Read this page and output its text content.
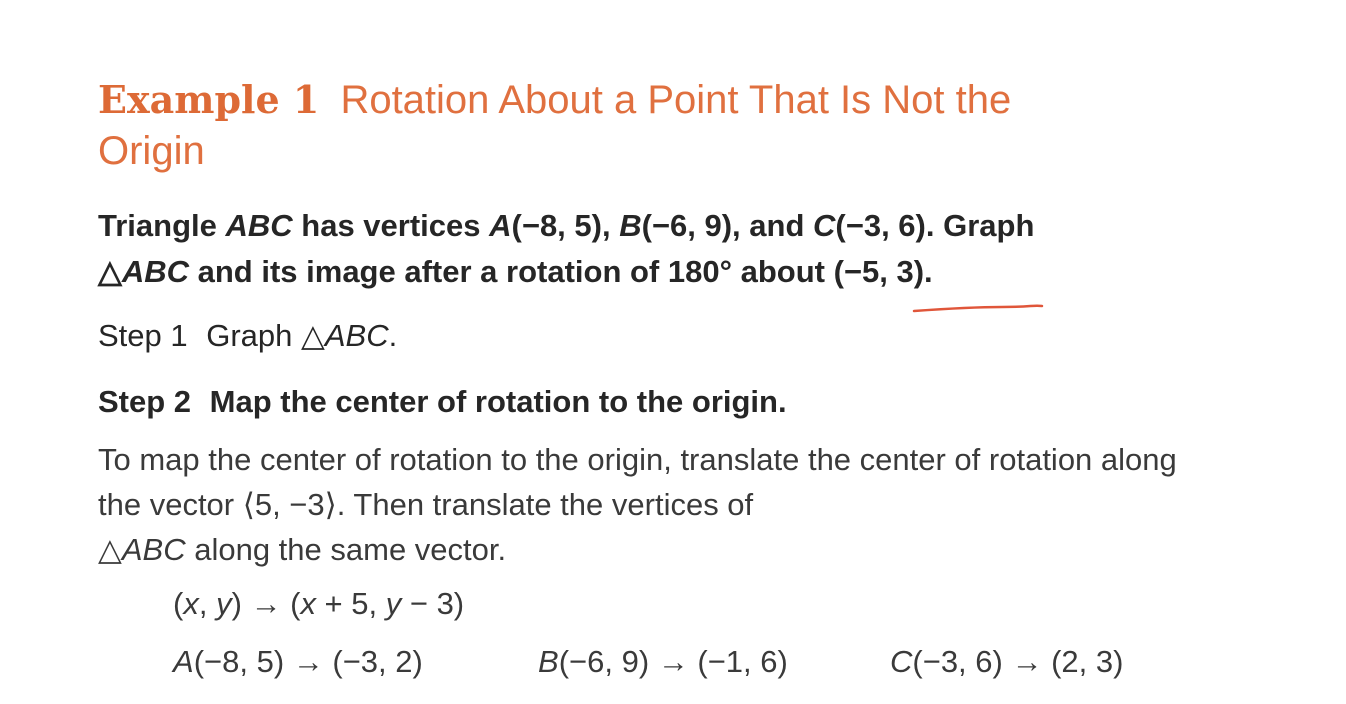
Example 1 Rotation About a Point That Is Not the Origin
Triangle ABC has vertices A(−8, 5), B(−6, 9), and C(−3, 6). Graph
△ABC and its image after a rotation of 180° about (−5, 3).
Step 1 Graph △ABC.
Step 2 Map the center of rotation to the origin.
To map the center of rotation to the origin, translate the center of rotation along the vector ⟨5, −3⟩. Then translate the vertices of
△ABC along the same vector.
(x, y) → (x + 5, y − 3)
A(−8, 5) → (−3, 2)	B(−6, 9) → (−1, 6)	C(−3, 6) → (2, 3)
